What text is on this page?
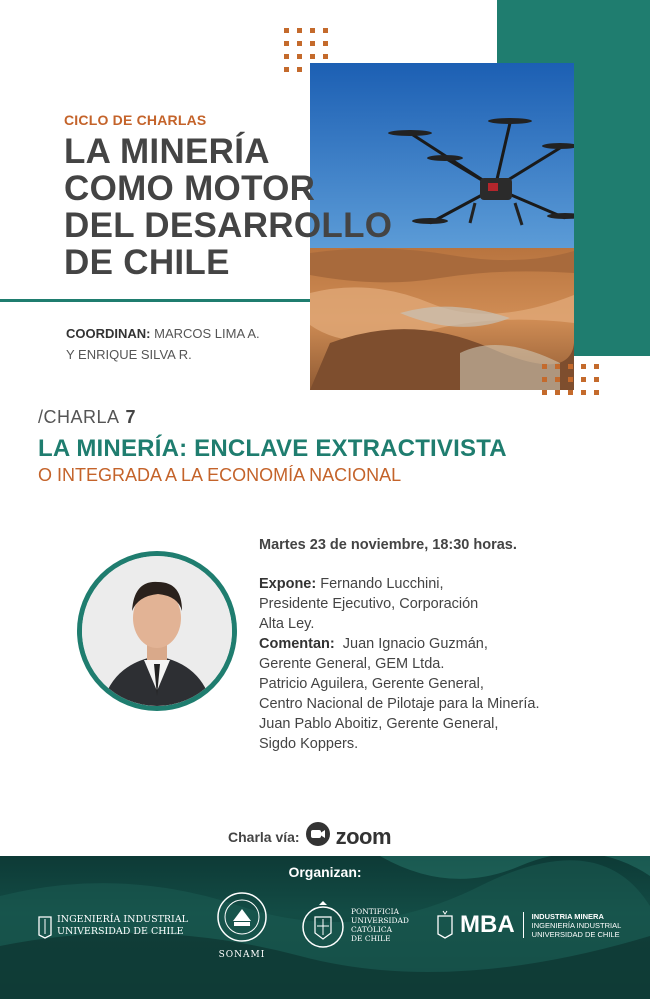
CICLO DE CHARLAS
LA MINERÍA
COMO MOTOR
DEL DESARROLLO
DE CHILE
COORDINAN: MARCOS LIMA A.
Y ENRIQUE SILVA R.
/CHARLA 7
LA MINERÍA: ENCLAVE EXTRACTIVISTA
O INTEGRADA A LA ECONOMÍA NACIONAL
Martes 23 de noviembre, 18:30 horas.
Expone: Fernando Lucchini,
Presidente Ejecutivo, Corporación
Alta Ley.
Comentan: Juan Ignacio Guzmán,
Gerente General, GEM Ltda.
Patricio Aguilera, Gerente General,
Centro Nacional de Pilotaje para la Minería.
Juan Pablo Aboitiz, Gerente General,
Sigdo Koppers.
Charla vía: zoom
Organizan:
INGENIERÍA INDUSTRIAL
UNIVERSIDAD DE CHILE
SONAMI
PONTIFICIA
UNIVERSIDAD
CATÓLICA
DE CHILE
MBA INDUSTRIA MINERA
INGENIERÍA INDUSTRIAL
UNIVERSIDAD DE CHILE
